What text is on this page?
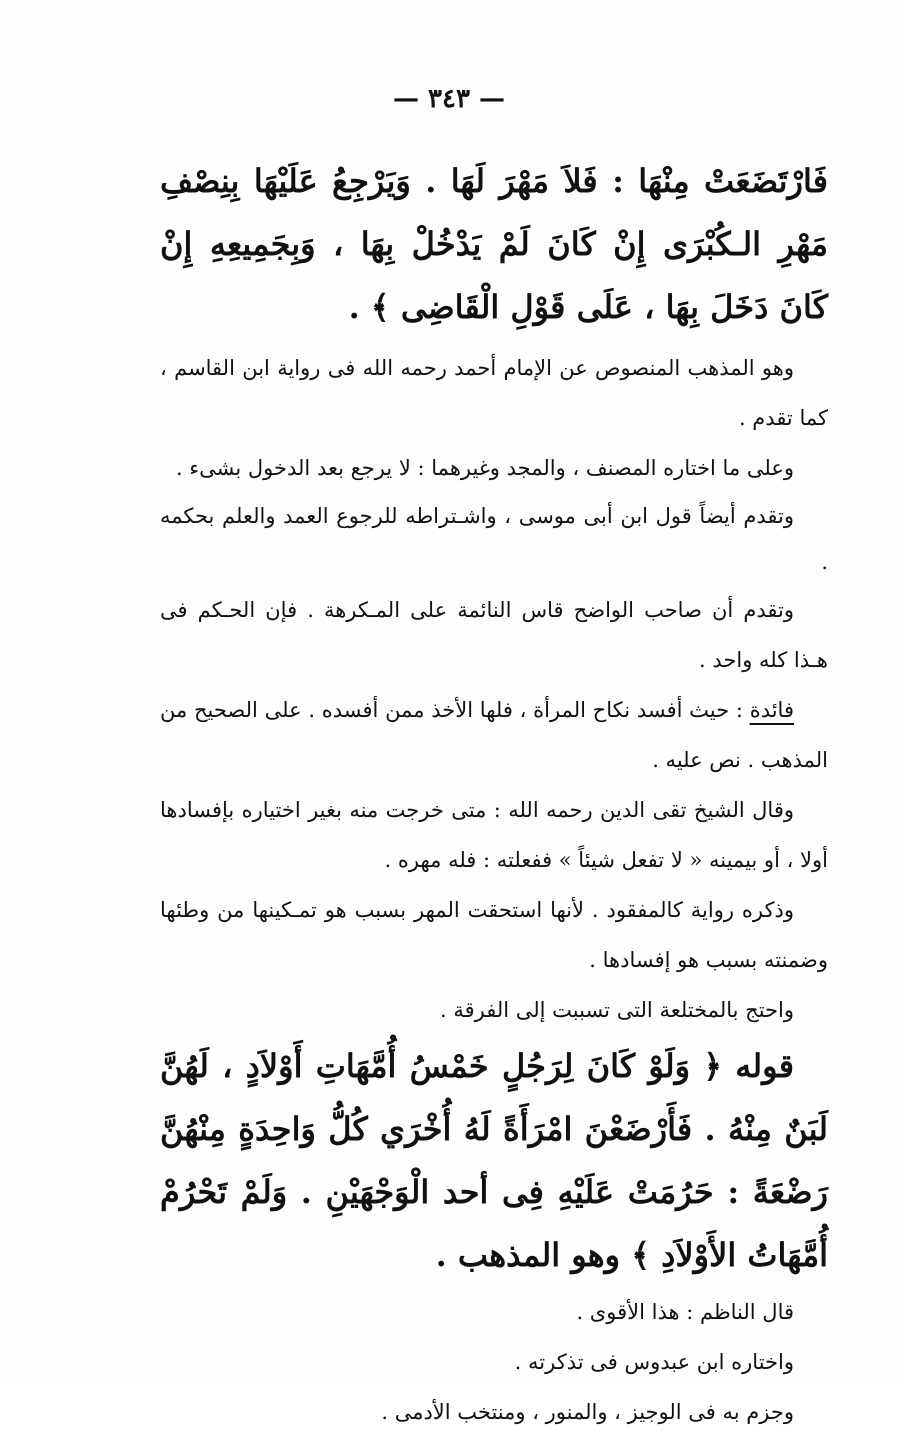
— ٣٤٣ —

فَارْتَضَعَتْ مِنْهَا : فَلاَ مَهْرَ لَهَا . وَيَرْجِعُ عَلَيْهَا بِنِصْفِ مَهْرِ الـكُبْرَى إِنْ كَانَ لَمْ يَدْخُلْ بِهَا ، وَبِجَمِيعِهِ إِنْ كَانَ دَخَلَ بِهَا ، عَلَى قَوْلِ الْقَاضِى ﴾ .

وهو المذهب المنصوص عن الإمام أحمد رحمه الله فى رواية ابن القاسم ، كما تقدم .

وعلى ما اختاره المصنف ، والمجد وغيرهما : لا يرجع بعد الدخول بشىء .

وتقدم أيضاً قول ابن أبى موسى ، واشـتراطه للرجوع العمد والعلم بحكمه .

وتقدم أن صاحب الواضح قاس النائمة على المـكرهة . فإن الحـكم فى هـذا كله واحد .

فائدة : حيث أفسد نكاح المرأة ، فلها الأخذ ممن أفسده . على الصحيح من المذهب . نص عليه .

وقال الشيخ تقى الدين رحمه الله : متى خرجت منه بغير اختياره بإفسادها أولا ، أو بيمينه « لا تفعل شيئاً » ففعلته : فله مهره .

وذكره رواية كالمفقود . لأنها استحقت المهر بسبب هو تمـكينها من وطئها وضمنته بسبب هو إفسادها .

واحتج بالمختلعة التى تسببت إلى الفرقة .

قوله ﴿ وَلَوْ كَانَ لِرَجُلٍ خَمْسُ أُمَّهَاتِ أَوْلاَدٍ ، لَهُنَّ لَبَنٌ مِنْهُ . فَأَرْضَعْنَ امْرَأَةً لَهُ أُخْرَي كُلُّ وَاحِدَةٍ مِنْهُنَّ رَضْعَةً : حَرُمَتْ عَلَيْهِ فِى أحد الْوَجْهَيْنِ . وَلَمْ تَحْرُمْ أُمَّهَاتُ الأَوْلاَدِ ﴾ وهو المذهب .

قال الناظم : هذا الأقوى .

واختاره ابن عبدوس فى تذكرته .

وجزم به فى الوجيز ، والمنور ، ومنتخب الأدمى .
